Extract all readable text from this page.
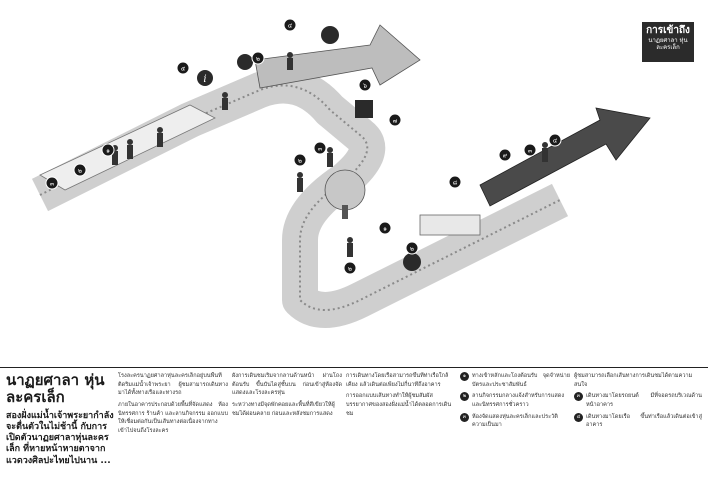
i
๓
๒
๑
๕
๒
๔
๓
๒
๖
๗
๘
๙
๒
๑
๒
๓
๔
การเข้าถึง
นาฏยศาลา หุ่นละครเล็ก
นาฏยศาลา หุ่นละครเล็ก
สองฝั่งแม่น้ำเจ้าพระยากำลังจะตื่นตัวในไม่ช้านี้ กับการเปิดตัวนาฏยศาลาหุ่นละครเล็ก ที่หายหน้าหายตาจากแวดวงศิลปะไทยไปนาน ...

โรงละครนาฏยศาลาหุ่นละครเล็กอยู่บนพื้นที่ติดริมแม่น้ำเจ้าพระยา ผู้ชมสามารถเดินทางมาได้ทั้งทางเรือและทางรถ

ภายในอาคารประกอบด้วยพื้นที่จัดแสดง ห้องนิทรรศการ ร้านค้า และลานกิจกรรม ออกแบบให้เชื่อมต่อกันเป็นเส้นทางต่อเนื่องจากทางเข้าไปจนถึงโรงละคร

ผังการเดินชมเริ่มจากลานด้านหน้า ผ่านโถงต้อนรับ ขึ้นบันไดสู่ชั้นบน ก่อนเข้าสู่ห้องจัดแสดงและโรงละครหุ่น

ระหว่างทางมีจุดพักคอยและพื้นที่สีเขียวให้ผู้ชมได้ผ่อนคลาย ก่อนและหลังชมการแสดง

การเดินทางโดยเรือสามารถขึ้นที่ท่าเรือใกล้เคียง แล้วเดินต่อเพียงไม่กี่นาทีถึงอาคาร

การออกแบบเส้นทางทำให้ผู้ชมสัมผัสบรรยากาศของสองฝั่งแม่น้ำได้ตลอดการเดินชม

๑	ทางเข้าหลักและโถงต้อนรับ จุดจำหน่ายบัตรและประชาสัมพันธ์
๒	ลานกิจกรรมกลางแจ้งสำหรับการแสดงและนิทรรศการชั่วคราว
๓	ห้องจัดแสดงหุ่นละครเล็กและประวัติความเป็นมา

ผู้ชมสามารถเลือกเส้นทางการเดินชมได้ตามความสนใจ

๓	เดินทางมาโดยรถยนต์ มีที่จอดรถบริเวณด้านหน้าอาคาร
๔	เดินทางมาโดยเรือ ขึ้นท่าเรือแล้วเดินต่อเข้าสู่อาคาร
